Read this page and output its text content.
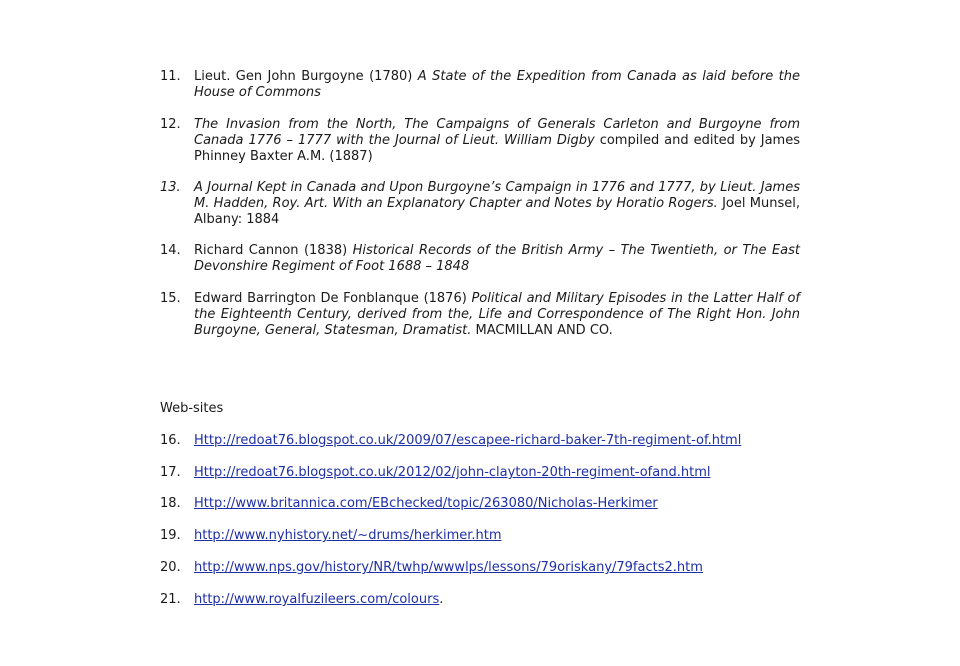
11.	Lieut. Gen John Burgoyne (1780) A State of the Expedition from Canada as laid before the House of Commons
12.	The Invasion from the North, The Campaigns of Generals Carleton and Burgoyne from Canada 1776 – 1777 with the Journal of Lieut. William Digby compiled and edited by James Phinney Baxter A.M. (1887)
13.	A Journal Kept in Canada and Upon Burgoyne’s Campaign in 1776 and 1777, by Lieut. James M. Hadden, Roy. Art. With an Explanatory Chapter and Notes by Horatio Rogers. Joel Munsel, Albany: 1884
14.	Richard Cannon (1838) Historical Records of the British Army – The Twentieth, or The East Devonshire Regiment of Foot 1688 – 1848
15.	Edward Barrington De Fonblanque (1876) Political and Military Episodes in the Latter Half of the Eighteenth Century, derived from the, Life and Correspondence of The Right Hon. John Burgoyne, General, Statesman, Dramatist. MACMILLAN AND CO.
Web-sites
16.	Http://redoat76.blogspot.co.uk/2009/07/escapee-richard-baker-7th-regiment-of.html
17.	Http://redoat76.blogspot.co.uk/2012/02/john-clayton-20th-regiment-ofand.html
18.	Http://www.britannica.com/EBchecked/topic/263080/Nicholas-Herkimer
19.	http://www.nyhistory.net/~drums/herkimer.htm
20.	http://www.nps.gov/history/NR/twhp/wwwlps/lessons/79oriskany/79facts2.htm
21.	http://www.royalfuzileers.com/colours.
